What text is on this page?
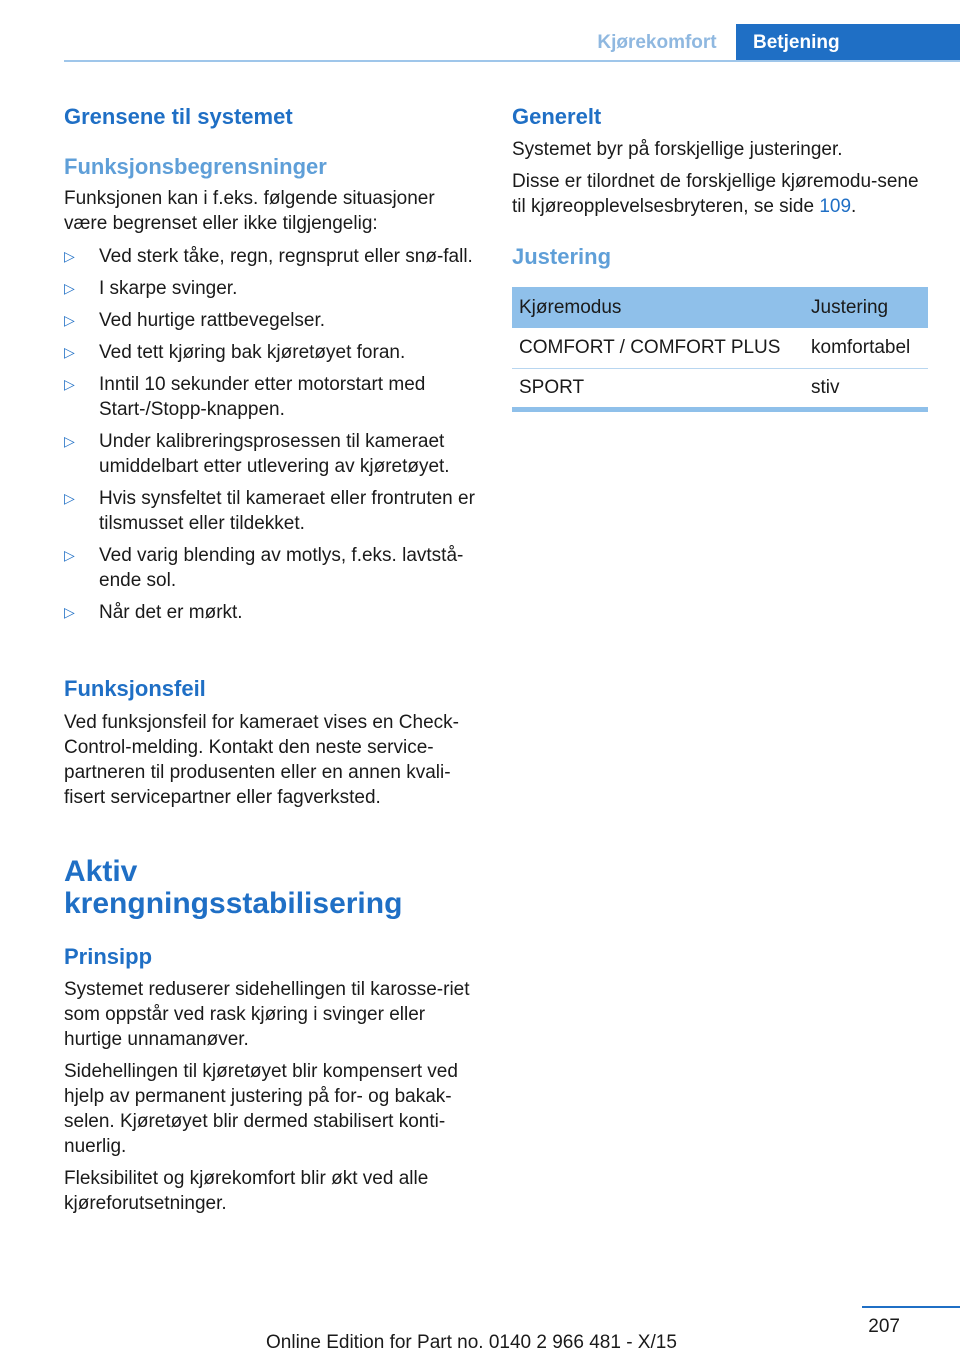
Kjørekomfort	Betjening
Grensene til systemet
Funksjonsbegrensninger

Funksjonen kan i f.eks. følgende situasjoner være begrenset eller ikke tilgjengelig:

▷ Ved sterk tåke, regn, regnsprut eller snø-fall.
▷ I skarpe svinger.
▷ Ved hurtige rattbevegelser.
▷ Ved tett kjøring bak kjøretøyet foran.
▷ Inntil 10 sekunder etter motorstart med Start-/Stopp-knappen.
▷ Under kalibreringsprosessen til kameraet umiddelbart etter utlevering av kjøretøyet.
▷ Hvis synsfeltet til kameraet eller frontruten er tilsmusset eller tildekket.
▷ Ved varig blending av motlys, f.eks. lavtstå-ende sol.
▷ Når det er mørkt.
Funksjonsfeil

Ved funksjonsfeil for kameraet vises en Check-Control-melding. Kontakt den neste service-partneren til produsenten eller en annen kvali-fisert servicepartner eller fagverksted.

Aktiv
krengningsstabilisering
Prinsipp

Systemet reduserer sidehellingen til karosse-riet som oppstår ved rask kjøring i svinger eller hurtige unnamanøver.

Sidehellingen til kjøretøyet blir kompensert ved hjelp av permanent justering på for- og bakak-selen. Kjøretøyet blir dermed stabilisert konti-nuerlig.

Fleksibilitet og kjørekomfort blir økt ved alle kjøreforutsetninger.

Generelt

Systemet byr på forskjellige justeringer.

Disse er tilordnet de forskjellige kjøremodu-sene til kjøreopplevelsesbryteren, se side 109.

Justering
Kjøremodus	Justering
COMFORT / COMFORT PLUS	komfortabel
SPORT	stiv
207
Online Edition for Part no. 0140 2 966 481 - X/15
